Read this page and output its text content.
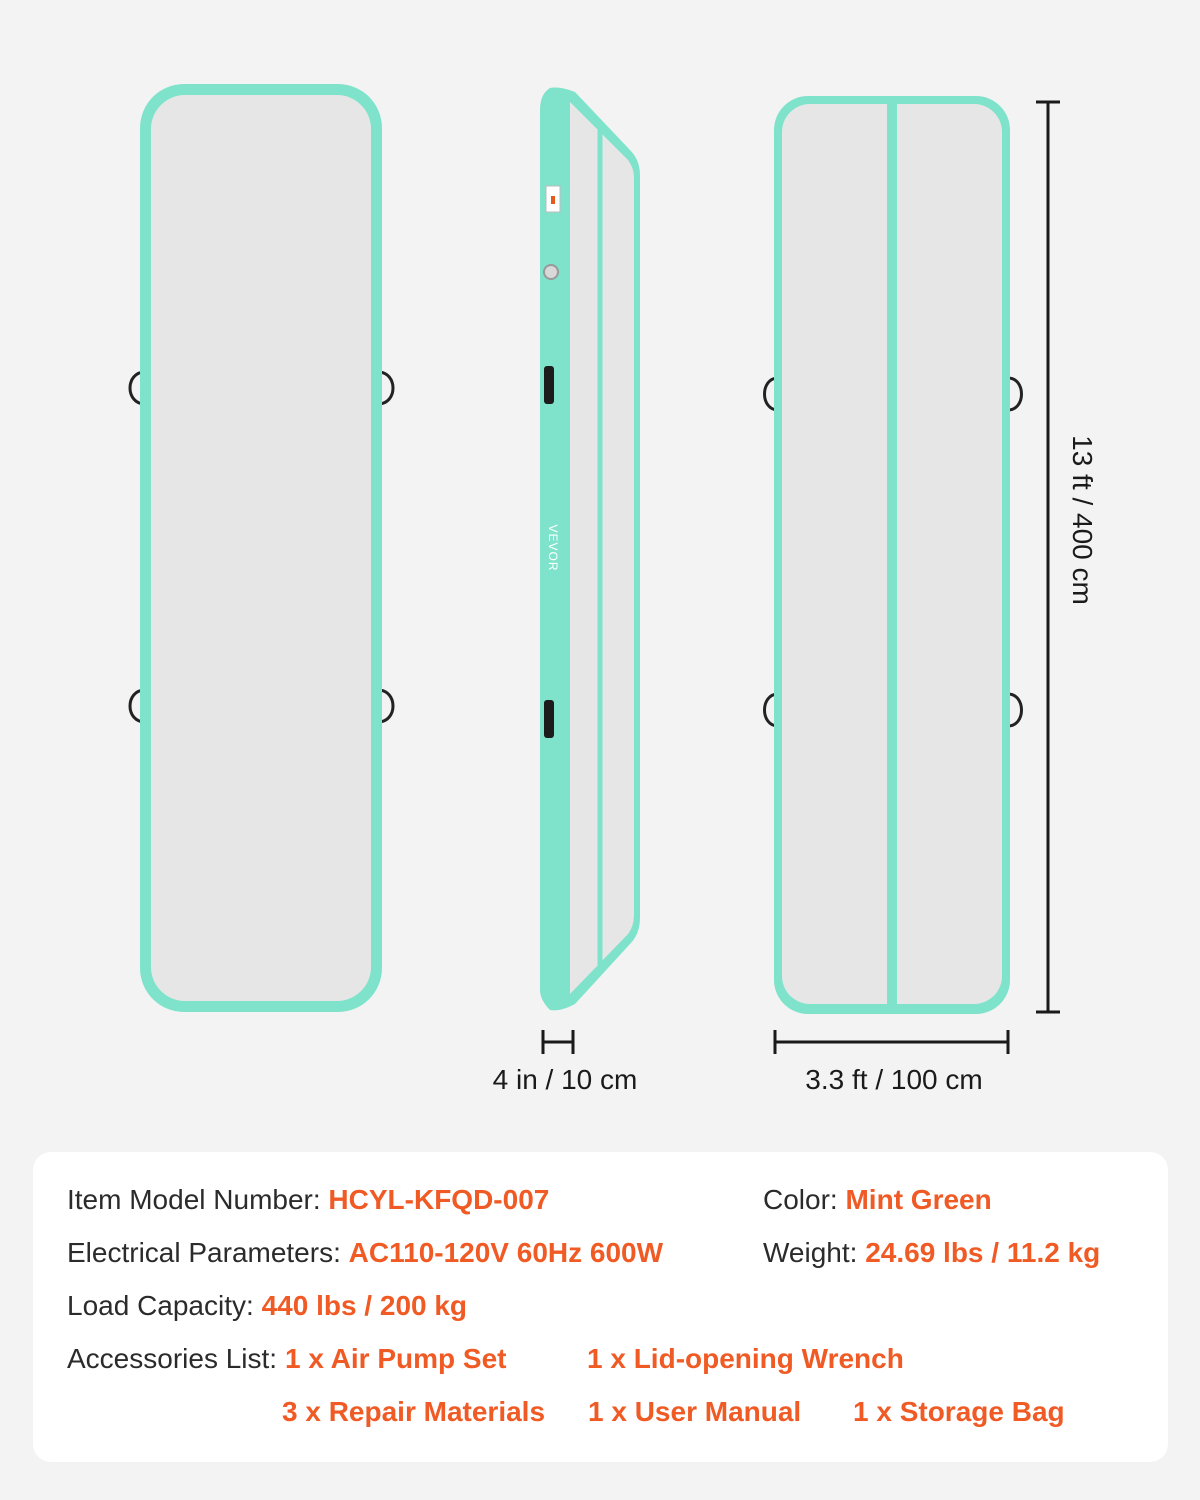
VEVOR
4 in / 10 cm	3.3 ft / 100 cm
13 ft / 400 cm
Item Model Number: HCYL-KFQD-007	Color: Mint Green
Electrical Parameters: AC110-120V 60Hz 600W	Weight: 24.69 lbs / 11.2 kg
Load Capacity: 440 lbs / 200 kg
Accessories List: 1 x Air Pump Set	1 x Lid-opening Wrench
3 x Repair Materials 1 x User Manual 1 x Storage Bag
